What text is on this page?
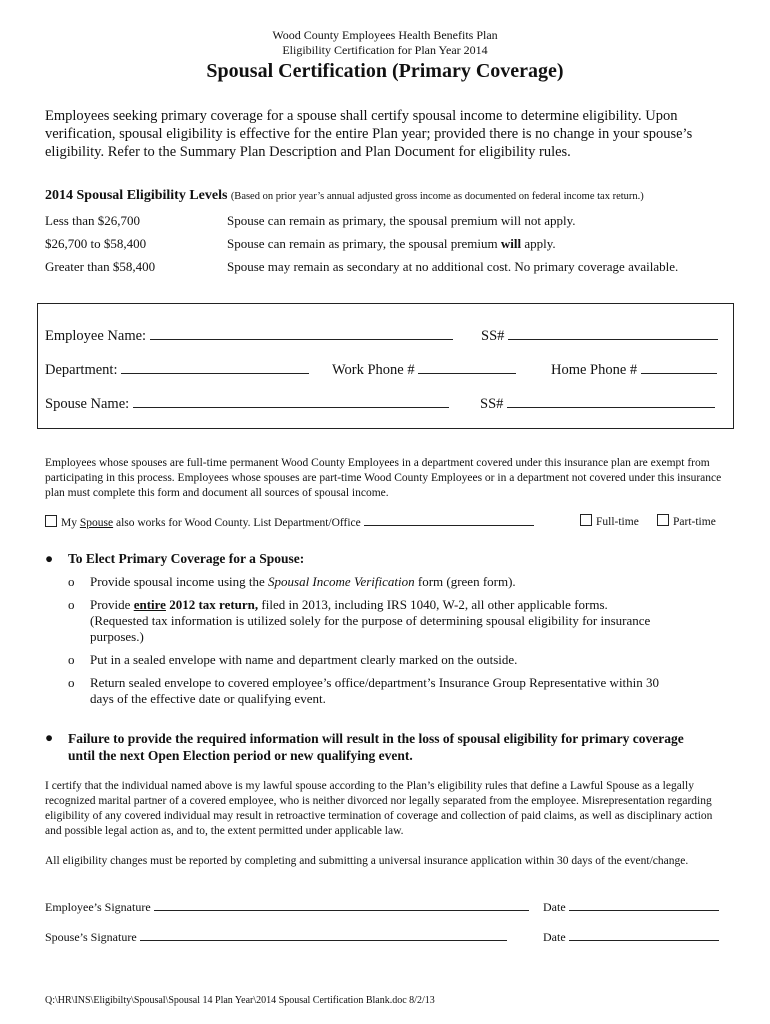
Wood County Employees Health Benefits Plan
Eligibility Certification for Plan Year 2014
Spousal Certification (Primary Coverage)
Employees seeking primary coverage for a spouse shall certify spousal income to determine eligibility. Upon verification, spousal eligibility is effective for the entire Plan year; provided there is no change in your spouse’s eligibility. Refer to the Summary Plan Description and Plan Document for eligibility rules.
2014 Spousal Eligibility Levels (Based on prior year’s annual adjusted gross income as documented on federal income tax return.)
Less than $26,700	Spouse can remain as primary, the spousal premium will not apply.
$26,700 to $58,400	Spouse can remain as primary, the spousal premium will apply.
Greater than $58,400	Spouse may remain as secondary at no additional cost. No primary coverage available.
Employee Name:	SS#
Department:	Work Phone #	Home Phone #
Spouse Name:	SS#
Employees whose spouses are full-time permanent Wood County Employees in a department covered under this insurance plan are exempt from participating in this process. Employees whose spouses are part-time Wood County Employees or in a department not covered under this insurance plan must complete this form and document all sources of spousal income.
My Spouse also works for Wood County. List Department/Office	Full-time	Part-time
● To Elect Primary Coverage for a Spouse:
o Provide spousal income using the Spousal Income Verification form (green form).
o Provide entire 2012 tax return, filed in 2013, including IRS 1040, W-2, all other applicable forms.
(Requested tax information is utilized solely for the purpose of determining spousal eligibility for insurance
purposes.)
o Put in a sealed envelope with name and department clearly marked on the outside.
o Return sealed envelope to covered employee’s office/department’s Insurance Group Representative within 30
days of the effective date or qualifying event.
● Failure to provide the required information will result in the loss of spousal eligibility for primary coverage
until the next Open Election period or new qualifying event.
I certify that the individual named above is my lawful spouse according to the Plan’s eligibility rules that define a Lawful Spouse as a legally recognized marital partner of a covered employee, who is neither divorced nor legally separated from the employee. Misrepresentation regarding eligibility of any covered individual may result in retroactive termination of coverage and collection of paid claims, as well as disciplinary action and possible legal action as, and to, the extent permitted under applicable law.
All eligibility changes must be reported by completing and submitting a universal insurance application within 30 days of the event/change.
Employee’s Signature	Date
Spouse’s Signature	Date
Q:\HR\INS\Eligibilty\Spousal\Spousal 14 Plan Year\2014 Spousal Certification Blank.doc 8/2/13
